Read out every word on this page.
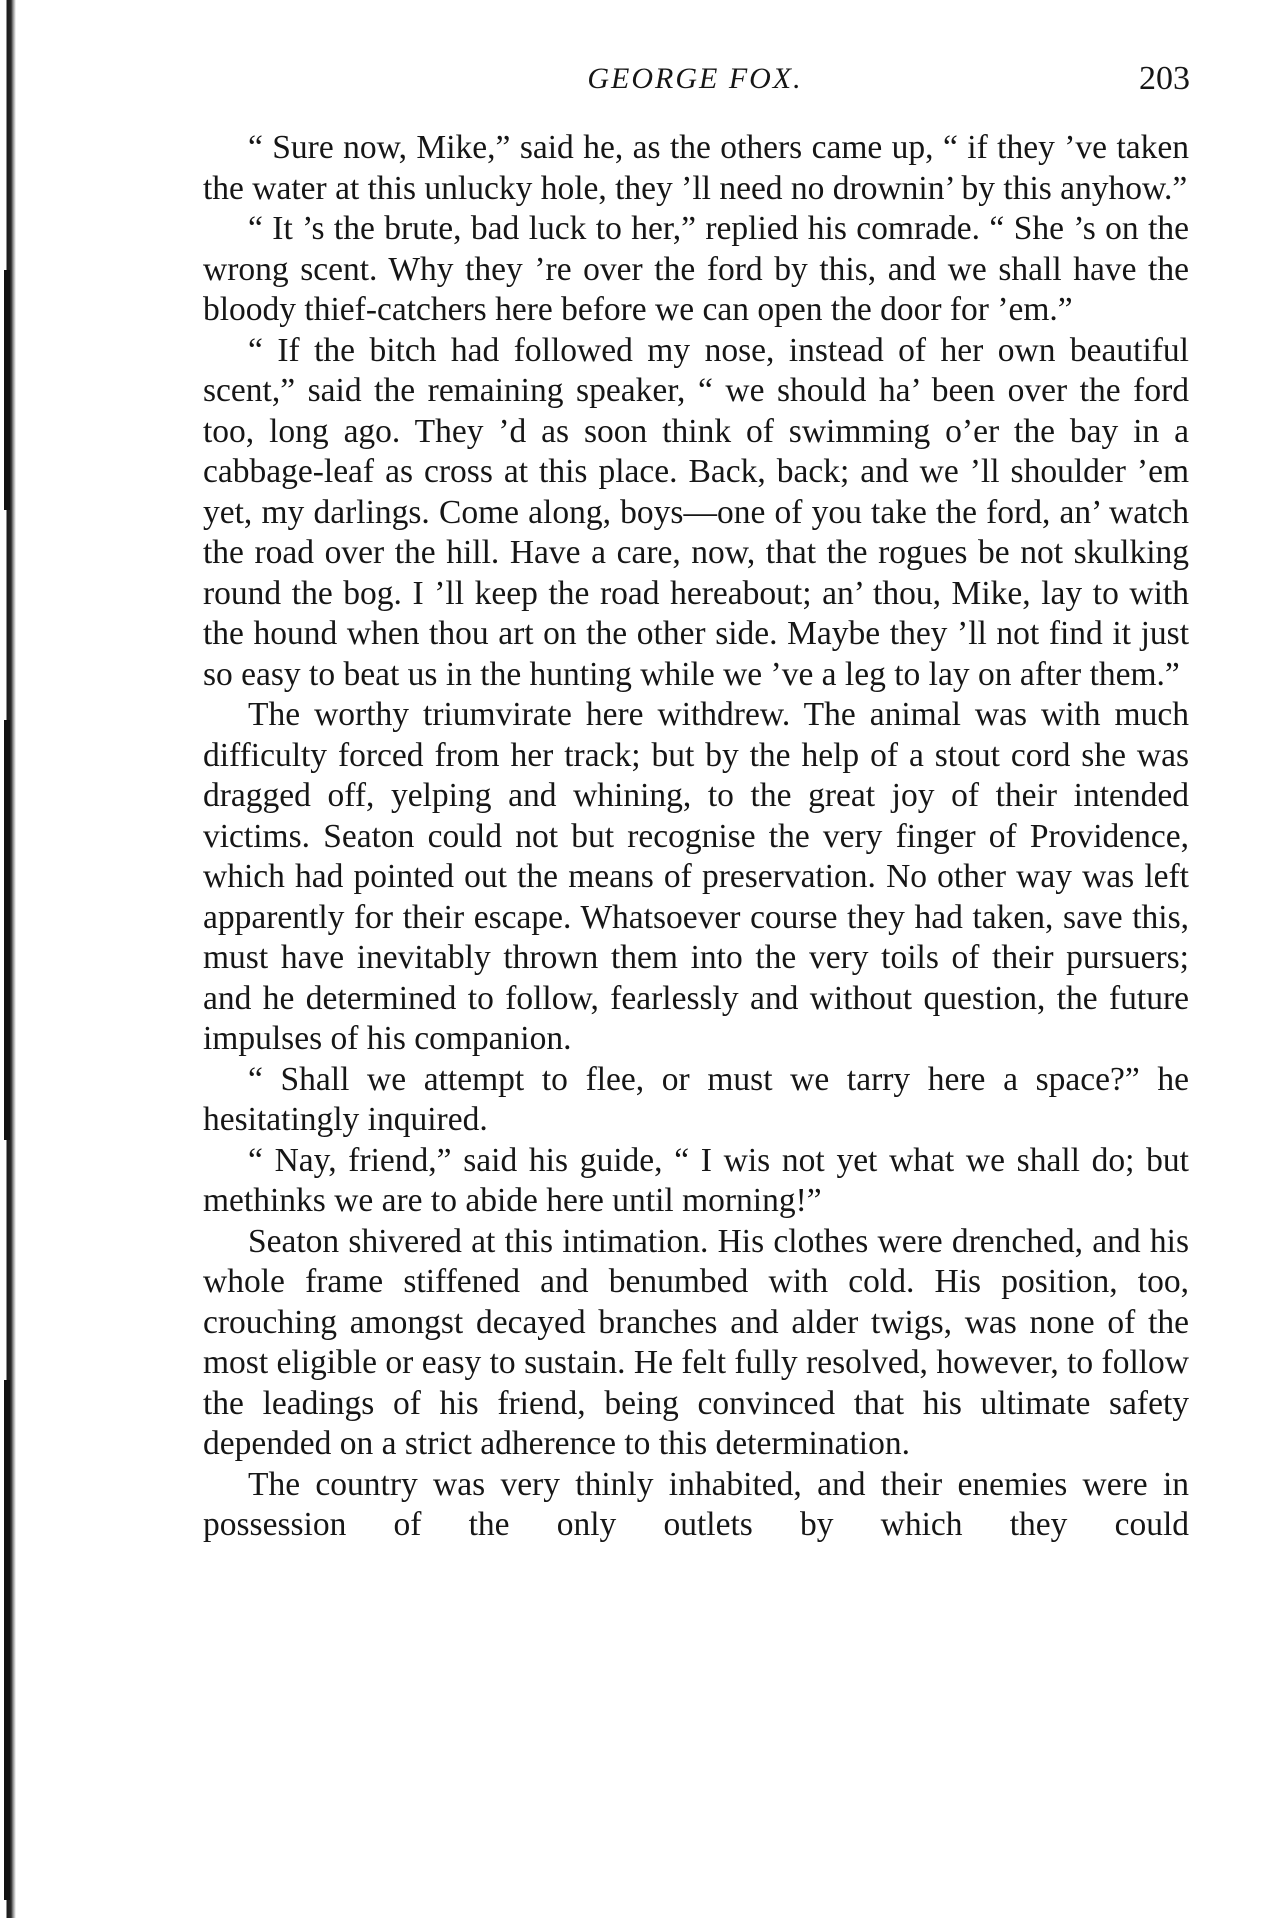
GEORGE FOX.	203

“ Sure now, Mike,” said he, as the others came up, “ if they ’ve taken the water at this unlucky hole, they ’ll need no drownin’ by this anyhow.”

“ It ’s the brute, bad luck to her,” replied his comrade. “ She ’s on the wrong scent. Why they ’re over the ford by this, and we shall have the bloody thief-catchers here before we can open the door for ’em.”

“ If the bitch had followed my nose, instead of her own beautiful scent,” said the remaining speaker, “ we should ha’ been over the ford too, long ago. They ’d as soon think of swimming o’er the bay in a cabbage-leaf as cross at this place. Back, back; and we ’ll shoulder ’em yet, my darlings. Come along, boys—one of you take the ford, an’ watch the road over the hill. Have a care, now, that the rogues be not skulking round the bog. I ’ll keep the road hereabout; an’ thou, Mike, lay to with the hound when thou art on the other side. Maybe they ’ll not find it just so easy to beat us in the hunting while we ’ve a leg to lay on after them.”

The worthy triumvirate here withdrew. The animal was with much difficulty forced from her track; but by the help of a stout cord she was dragged off, yelping and whining, to the great joy of their intended victims. Seaton could not but recognise the very finger of Providence, which had pointed out the means of preservation. No other way was left apparently for their escape. Whatsoever course they had taken, save this, must have inevitably thrown them into the very toils of their pursuers; and he determined to follow, fearlessly and without question, the future impulses of his companion.

“ Shall we attempt to flee, or must we tarry here a space?” he hesitatingly inquired.

“ Nay, friend,” said his guide, “ I wis not yet what we shall do; but methinks we are to abide here until morning!”

Seaton shivered at this intimation. His clothes were drenched, and his whole frame stiffened and benumbed with cold. His position, too, crouching amongst decayed branches and alder twigs, was none of the most eligible or easy to sustain. He felt fully resolved, however, to follow the leadings of his friend, being convinced that his ultimate safety depended on a strict adherence to this determination.

The country was very thinly inhabited, and their enemies were in possession of the only outlets by which they could
